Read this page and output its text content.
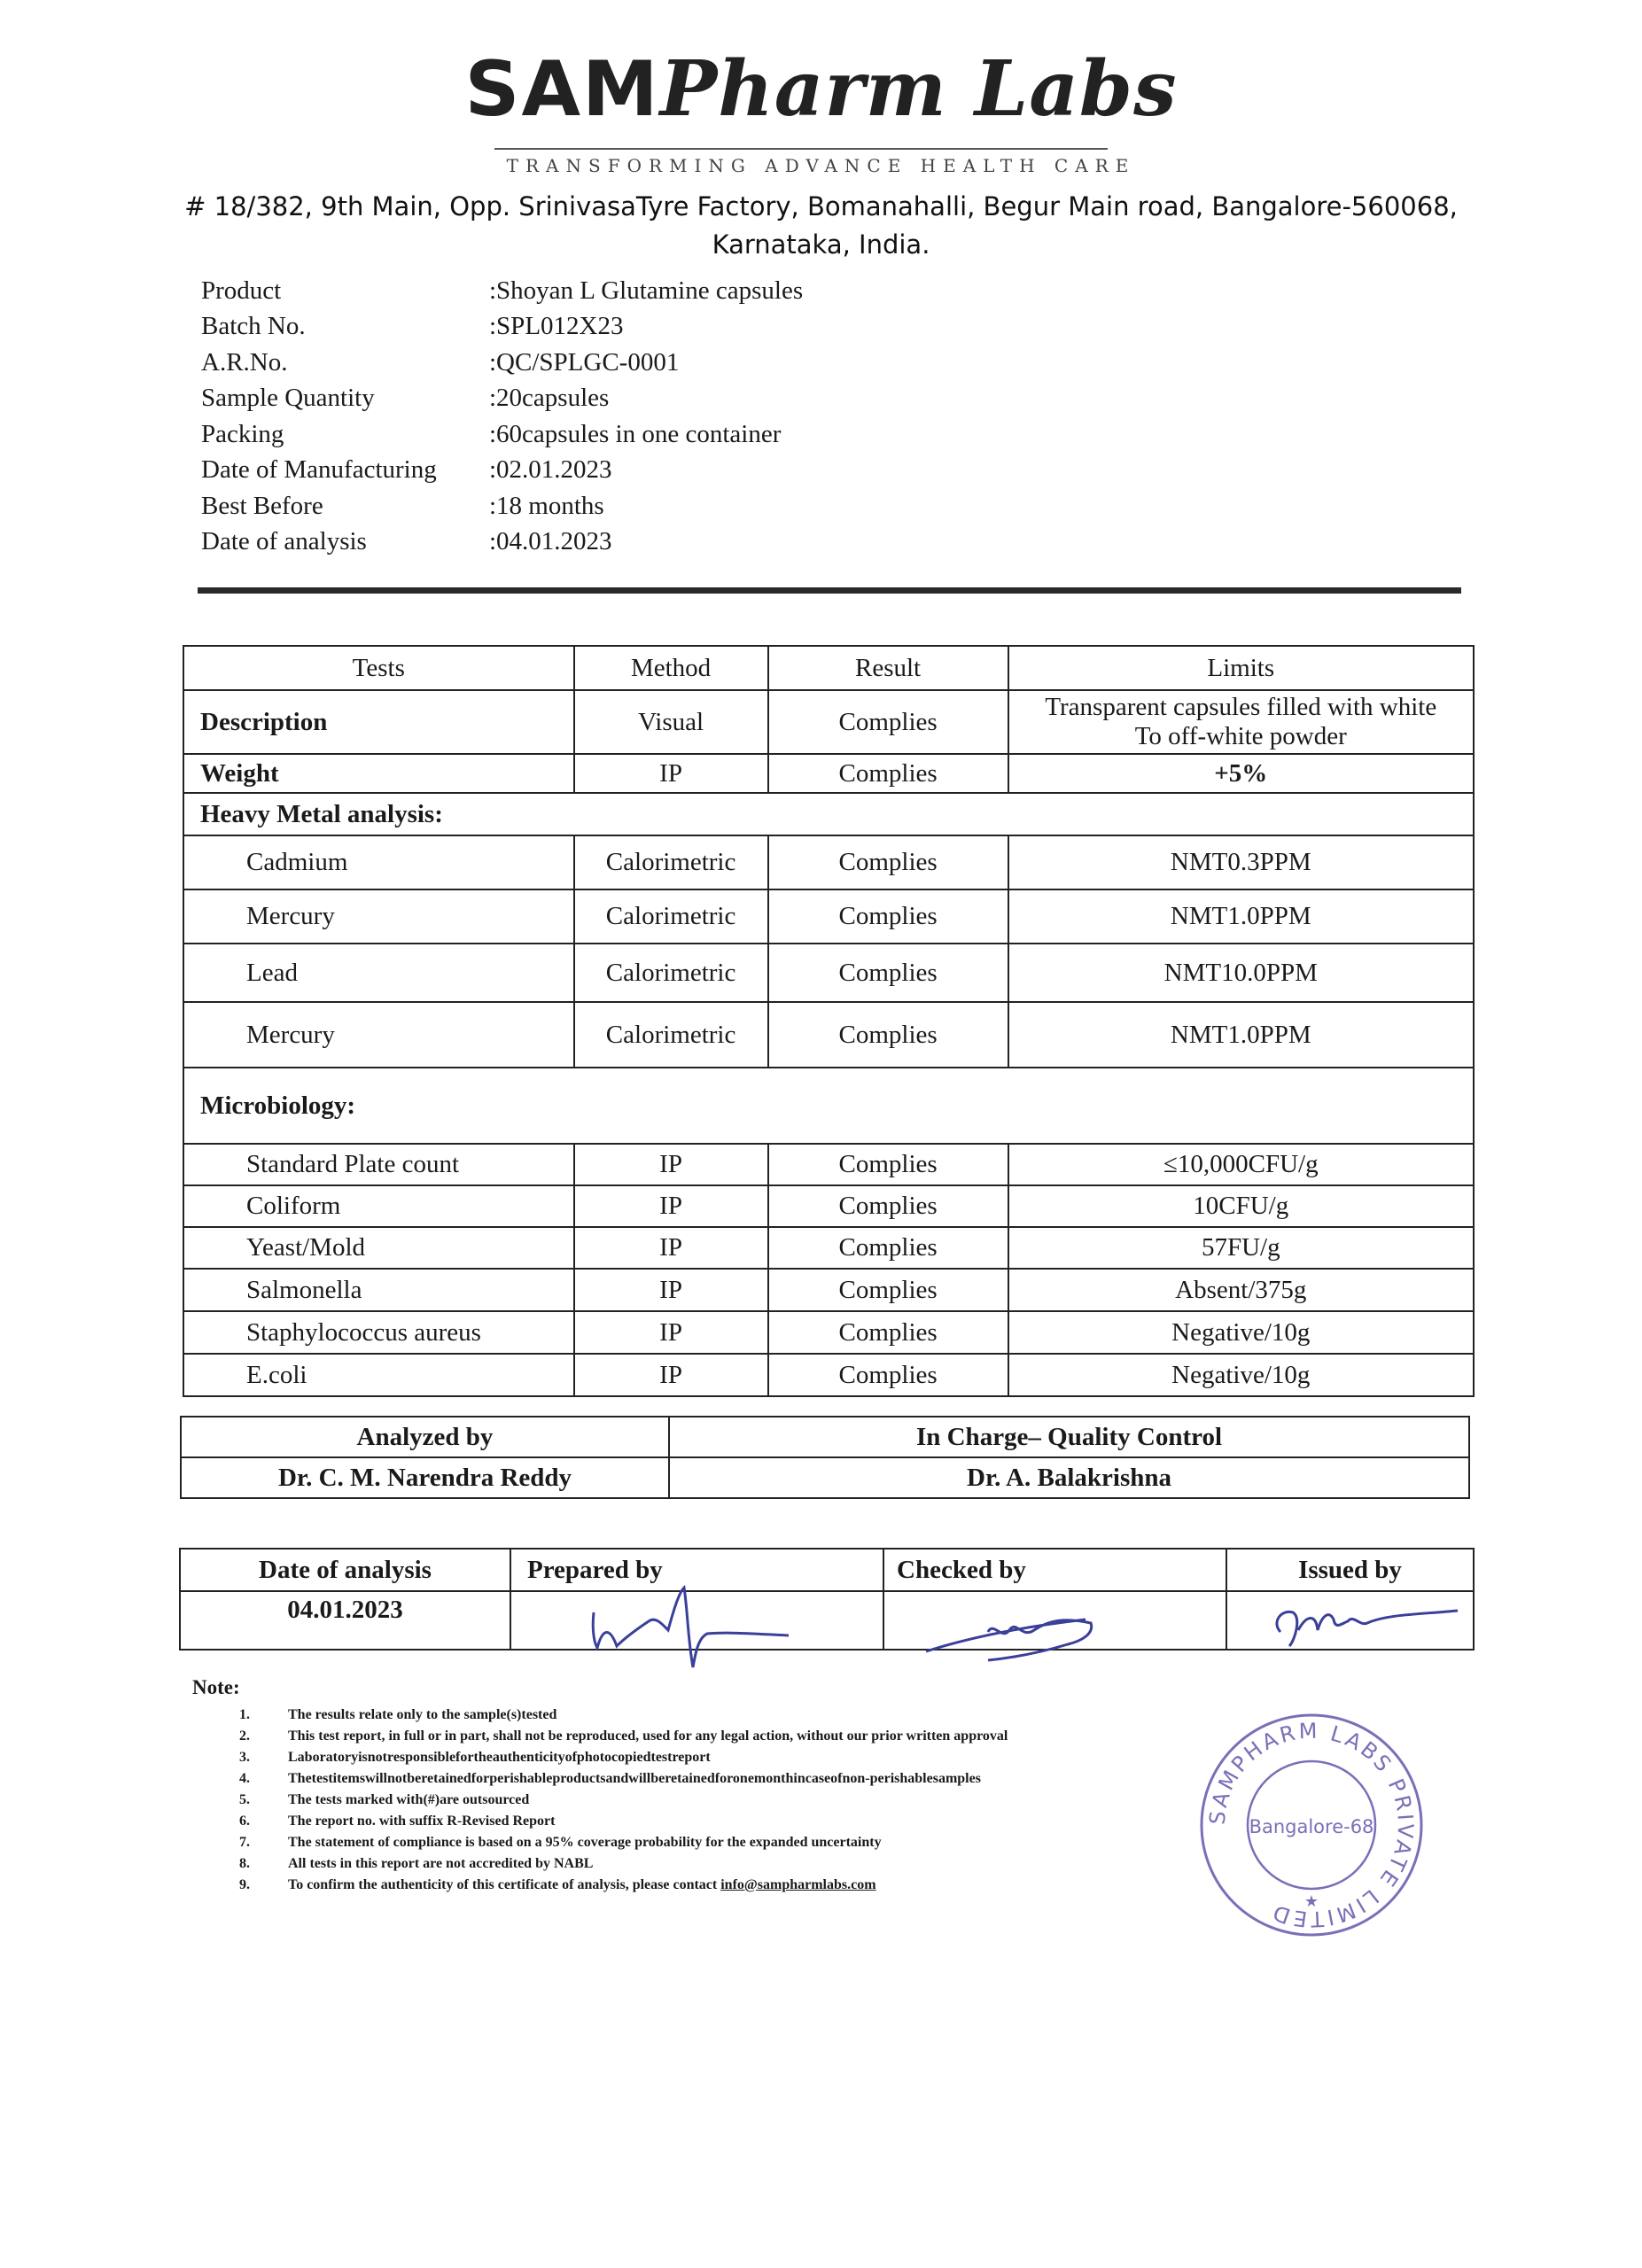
SAMPharm Labs
TRANSFORMING ADVANCE HEALTH CARE
# 18/382, 9th Main, Opp. SrinivasaTyre Factory, Bomanahalli, Begur Main road, Bangalore-560068,
Karnataka, India.
Product	:Shoyan L Glutamine capsules
Batch No.	:SPL012X23
A.R.No.	:QC/SPLGC-0001
Sample Quantity	:20capsules
Packing	:60capsules in one container
Date of Manufacturing	:02.01.2023
Best Before	:18 months
Date of analysis	:04.01.2023
Tests	Method	Result	Limits
Description	Visual	Complies	Transparent capsules filled with white
To off-white powder

Weight	IP	Complies	+5%
Heavy Metal analysis:			
Cadmium	Calorimetric	Complies	NMT0.3PPM
Mercury	Calorimetric	Complies	NMT1.0PPM
Lead	Calorimetric	Complies	NMT10.0PPM
Mercury	Calorimetric	Complies	NMT1.0PPM
Microbiology:			
Standard Plate count	IP	Complies	≤10,000CFU/g
Coliform	IP	Complies	10CFU/g
Yeast/Mold	IP	Complies	57FU/g
Salmonella	IP	Complies	Absent/375g
Staphylococcus aureus	IP	Complies	Negative/10g
E.coli	IP	Complies	Negative/10g
Analyzed by	In Charge– Quality Control
Dr. C. M. Narendra Reddy	Dr. A. Balakrishna
Date of analysis	Prepared by	Checked by	Issued by
04.01.2023			
Note:
1.	The results relate only to the sample(s)tested
2.	This test report, in full or in part, shall not be reproduced, used for any legal action, without our prior written approval
3.	Laboratoryisnotresponsiblefortheauthenticityofphotocopiedtestreport
4.	Thetestitemswillnotberetainedforperishableproductsandwillberetainedforonemonthincaseofnon-perishablesamples
5.	The tests marked with(#)are outsourced
6.	The report no. with suffix R-Revised Report
7.	The statement of compliance is based on a 95% coverage probability for the expanded uncertainty
8.	All tests in this report are not accredited by NABL
9.	To confirm the authenticity of this certificate of analysis, please contact info@sampharmlabs.com
SAMPHARM LABS PRIVATE LIMITED
Bangalore-68
★
